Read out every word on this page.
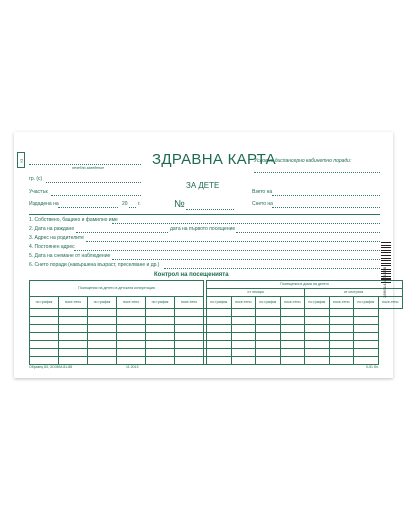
УЗ
лечебно заведение	ЗДРАВНА КАРТА
Условно диспансерно кабинетно поради:
ЗА ДЕТЕ
№
гр. (с)
Участък
Издадена на	20 г.
Взето на
Снето на
1. Собствено, бащино и фамилно име
2. Дата на раждане	дата на първото посещение
3. Адрес на родителите
4. Постоянен адрес
5. Дата на снемане от наблюдение
6. Снето поради (навършена възраст, преселване и др.)
Контрол на посещенията
Посещения на детето в детската консултация							Посещения в дома на детето							
							от лекаря				от сестрата			
по график	посе-тено	по график	посе-тено	по график	посе-тено		по график	посе-тено	по график	посе-тено	по график	посе-тено	по график	посе-тено

Образец 83, ЗОЗБМ-81-88	11 2013	0-51 бл.
3800144801968
